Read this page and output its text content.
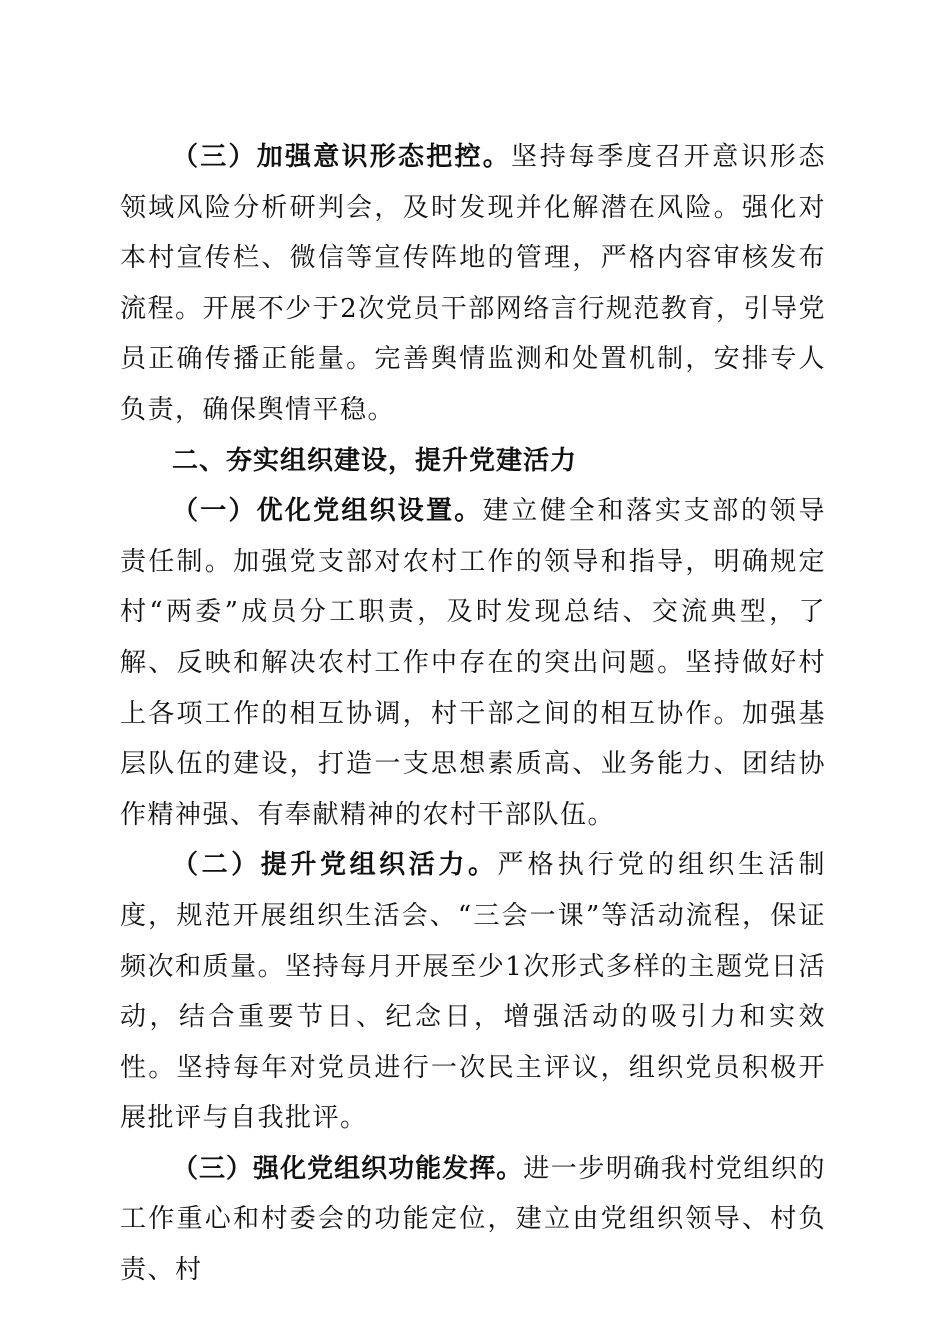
（三）加强意识形态把控。坚持每季度召开意识形态领域风险分析研判会，及时发现并化解潜在风险。强化对本村宣传栏、微信等宣传阵地的管理，严格内容审核发布流程。开展不少于2次党员干部网络言行规范教育，引导党员正确传播正能量。完善舆情监测和处置机制，安排专人负责，确保舆情平稳。

二、夯实组织建设，提升党建活力

（一）优化党组织设置。建立健全和落实支部的领导责任制。加强党支部对农村工作的领导和指导，明确规定村“两委”成员分工职责，及时发现总结、交流典型，了解、反映和解决农村工作中存在的突出问题。坚持做好村上各项工作的相互协调，村干部之间的相互协作。加强基层队伍的建设，打造一支思想素质高、业务能力、团结协作精神强、有奉献精神的农村干部队伍。

（二）提升党组织活力。严格执行党的组织生活制度，规范开展组织生活会、“三会一课”等活动流程，保证频次和质量。坚持每月开展至少1次形式多样的主题党日活动，结合重要节日、纪念日，增强活动的吸引力和实效性。坚持每年对党员进行一次民主评议，组织党员积极开展批评与自我批评。

（三）强化党组织功能发挥。进一步明确我村党组织的工作重心和村委会的功能定位，建立由党组织领导、村负责、村
